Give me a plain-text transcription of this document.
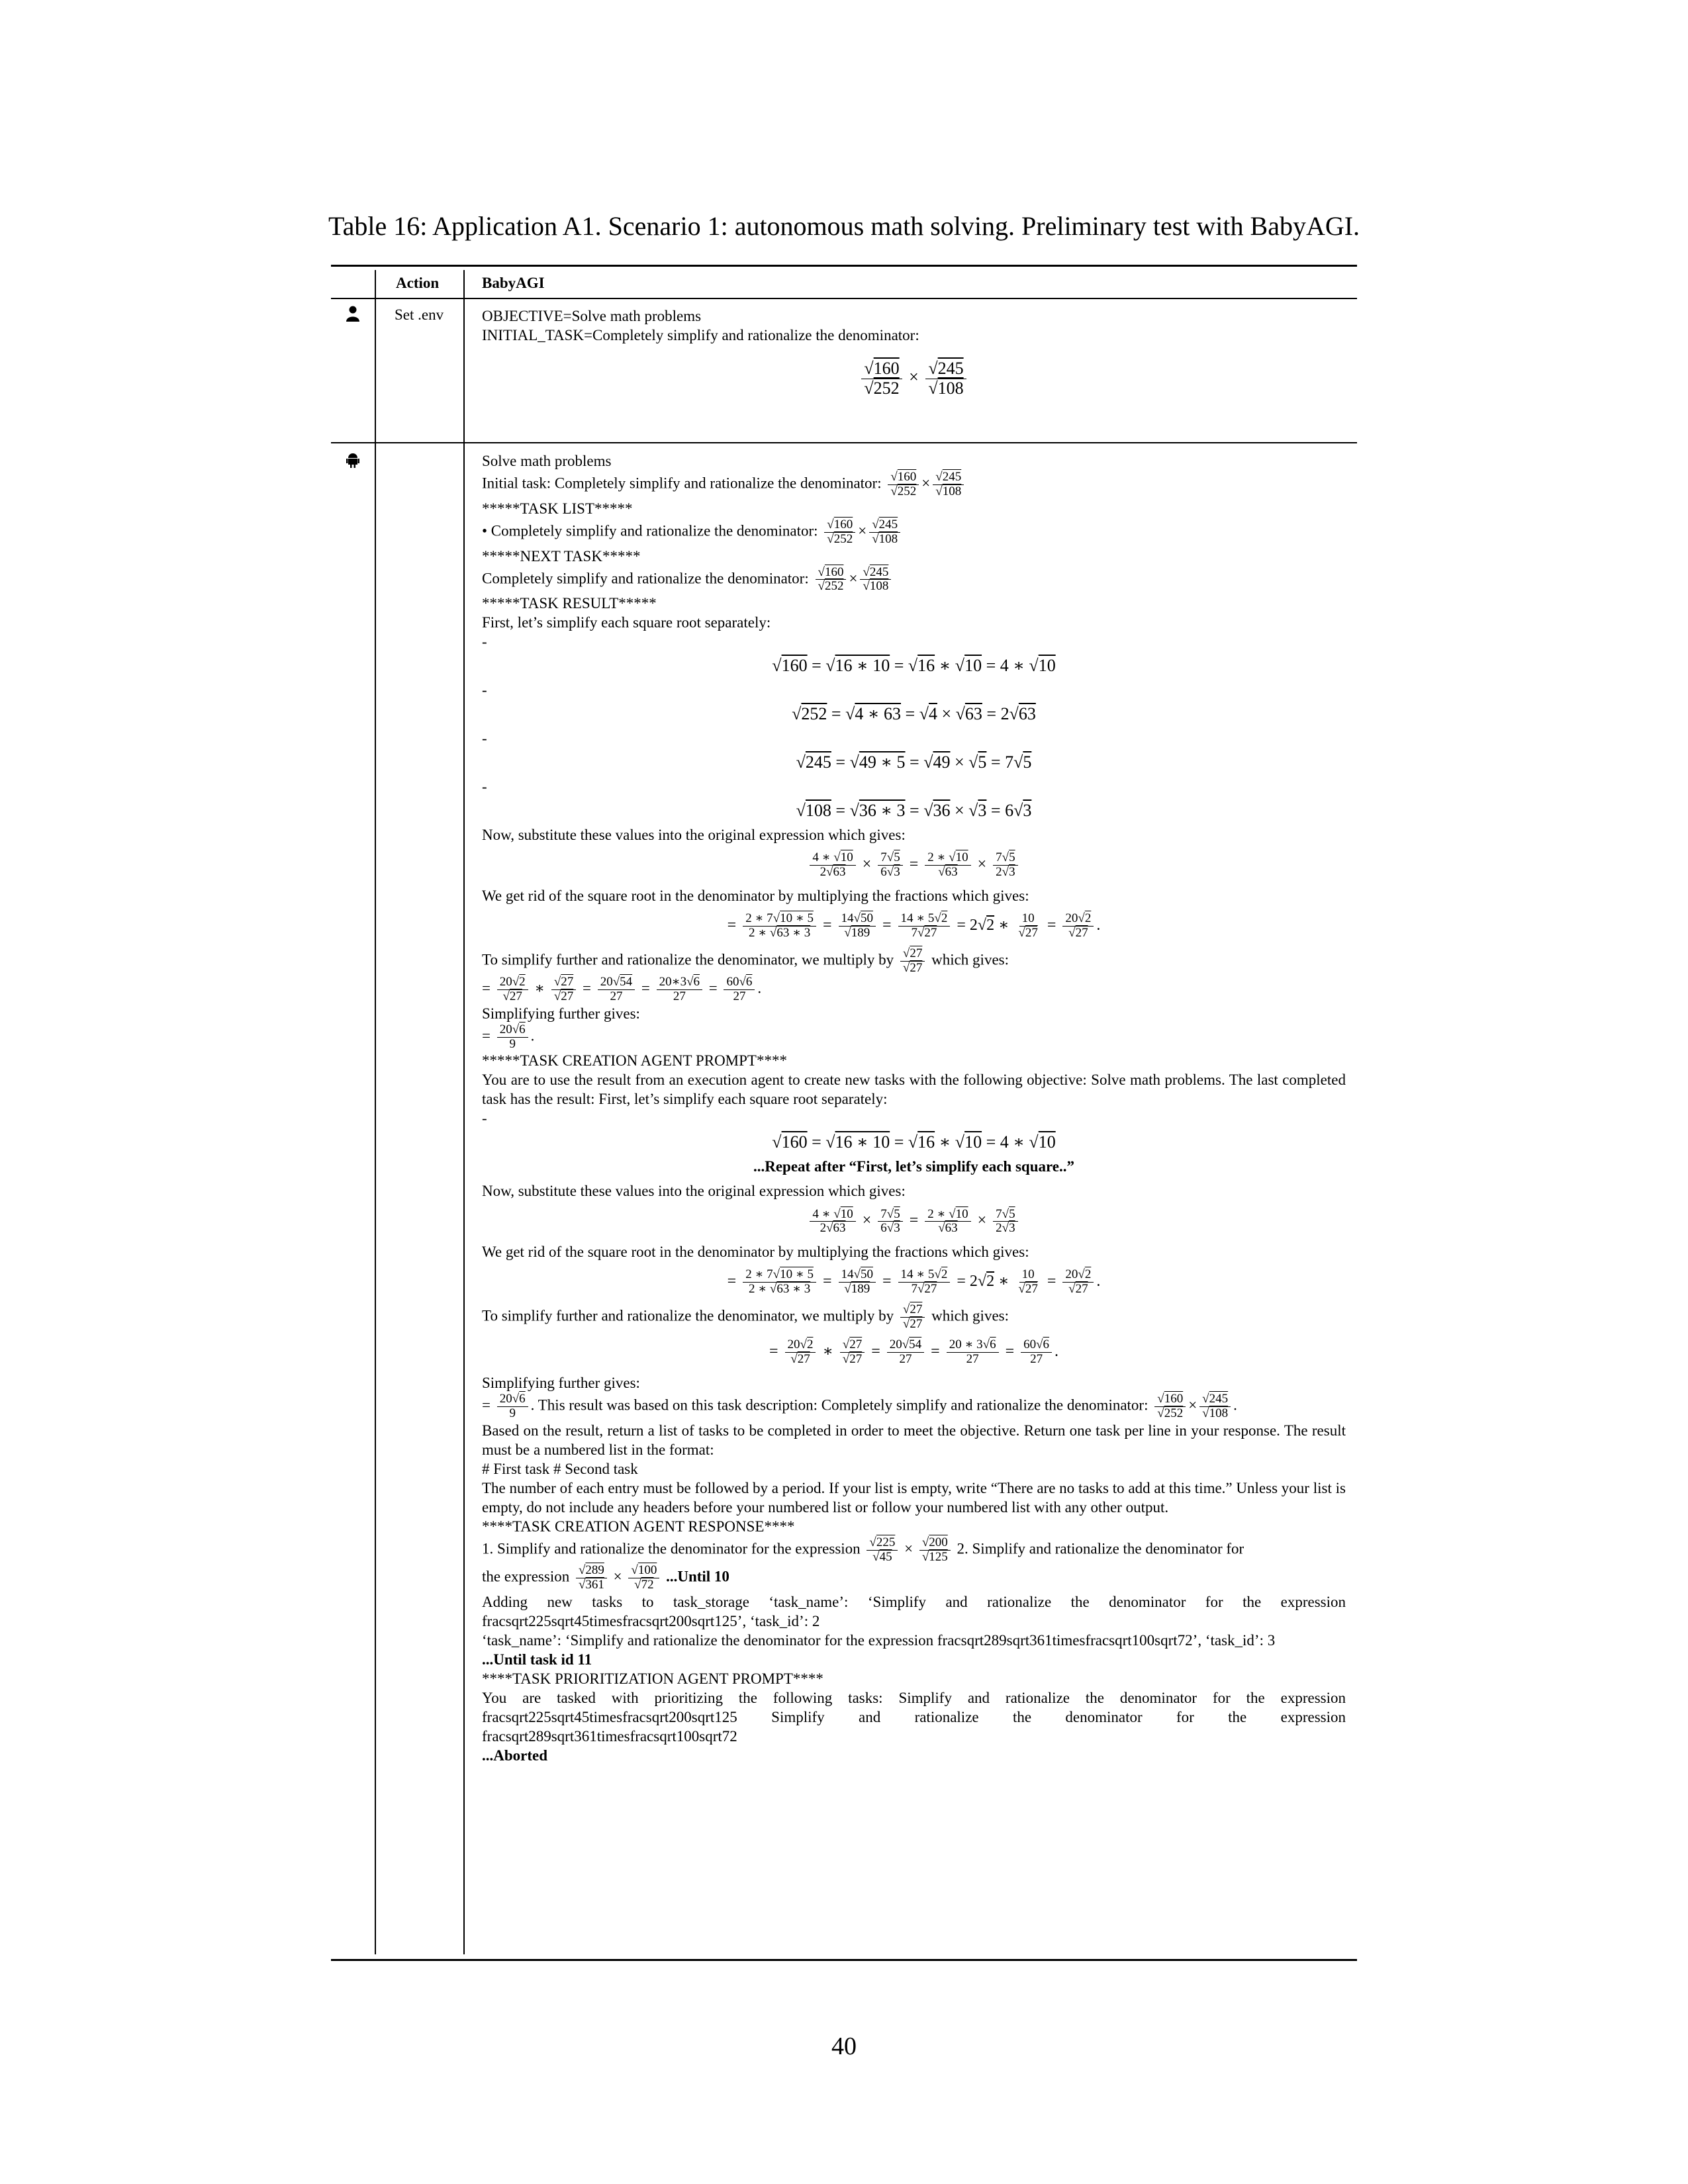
Table 16: Application A1. Scenario 1: autonomous math solving. Preliminary test with BabyAGI.
Action	BabyAGI
Set .env	OBJECTIVE=Solve math problems
INITIAL_TASK=Completely simplify and rationalize the denominator:
$\frac{√160}{√252} \times \frac{√245}{√108}$
Solve math problems
Initial task: Completely simplify and rationalize the denominator: $\frac{√160}{√252} \times \frac{√245}{√108}$
*****TASK LIST*****
• Completely simplify and rationalize the denominator: $\frac{√160}{√252} \times \frac{√245}{√108}$
*****NEXT TASK*****
Completely simplify and rationalize the denominator: $\frac{√160}{√252} \times \frac{√245}{√108}$
*****TASK RESULT*****
First, let’s simplify each square root separately:
-
√160 = √16 ∗ 10 = √16 ∗ √10 = 4 ∗ √10
-
√252 = √4 ∗ 63 = √4 × √63 = 2√63
-
√245 = √49 ∗ 5 = √49 × √5 = 7√5
-
√108 = √36 ∗ 3 = √36 × √3 = 6√3
Now, substitute these values into the original expression which gives:
$\frac{4 ∗ √10}{2√63} \times \frac{7√5}{6√3} = \frac{2 ∗ √10}{√63} \times \frac{7√5}{2√3}$
We get rid of the square root in the denominator by multiplying the fractions which gives:
= $\frac{2 ∗ 7√10 ∗ 5}{2 ∗ √63 ∗ 3} = \frac{14√50}{√189} = \frac{14 ∗ 5√2}{7√27} = 2√2$ ∗ $\frac{10}{√27} = \frac{20√2}{√27}$ .
To simplify further and rationalize the denominator, we multiply by $\frac{√27}{√27}$ which gives:
= $\frac{20√2}{√27}$ ∗ $\frac{√27}{√27} = \frac{20√54}{27} = \frac{20∗3√6}{27} = \frac{60√6}{27}$ .
Simplifying further gives:
= $\frac{20√6}{9}$ .
*****TASK CREATION AGENT PROMPT****
You are to use the result from an execution agent to create new tasks with the following objective: Solve math problems. The last completed task has the result: First, let’s simplify each square root separately:
-
√160 = √16 ∗ 10 = √16 ∗ √10 = 4 ∗ √10
...Repeat after “First, let’s simplify each square..”
Now, substitute these values into the original expression which gives:
$\frac{4 ∗ √10}{2√63} \times \frac{7√5}{6√3} = \frac{2 ∗ √10}{√63} \times \frac{7√5}{2√3}$
We get rid of the square root in the denominator by multiplying the fractions which gives:
= $\frac{2 ∗ 7√10 ∗ 5}{2 ∗ √63 ∗ 3} = \frac{14√50}{√189} = \frac{14 ∗ 5√2}{7√27} = 2√2$ ∗ $\frac{10}{√27} = \frac{20√2}{√27}$ .
To simplify further and rationalize the denominator, we multiply by $\frac{√27}{√27}$ which gives:
= $\frac{20√2}{√27}$ ∗ $\frac{√27}{√27} = \frac{20√54}{27} = \frac{20 ∗ 3√6}{27} = \frac{60√6}{27}$ .
Simplifying further gives:
= $\frac{20√6}{9}$ . This result was based on this task description: Completely simplify and rationalize the denominator: $\frac{√160}{√252} \times \frac{√245}{√108}$ .
Based on the result, return a list of tasks to be completed in order to meet the objective. Return one task per line in your response. The result must be a numbered list in the format:
# First task # Second task
The number of each entry must be followed by a period. If your list is empty, write “There are no tasks to add at this time.” Unless your list is empty, do not include any headers before your numbered list or follow your numbered list with any other output.
****TASK CREATION AGENT RESPONSE****
1. Simplify and rationalize the denominator for the expression $\frac{√225}{√45} \times \frac{√200}{√125} 2$. Simplify and rationalize the denominator for
the expression $\frac{√289}{√361} \times \frac{√100}{√72}$ ...Until 10
Adding new tasks to task_storage ‘task_name’: ‘Simplify and rationalize the denominator for the expression fracsqrt225sqrt45timesfracsqrt200sqrt125’, ‘task_id’: 2
‘task_name’: ‘Simplify and rationalize the denominator for the expression fracsqrt289sqrt361timesfracsqrt100sqrt72’, ‘task_id’: 3
...Until task id 11
****TASK PRIORITIZATION AGENT PROMPT****
You are tasked with prioritizing the following tasks: Simplify and rationalize the denominator for the expression fracsqrt225sqrt45timesfracsqrt200sqrt125 Simplify and rationalize the denominator for the expression fracsqrt289sqrt361timesfracsqrt100sqrt72
...Aborted
40
